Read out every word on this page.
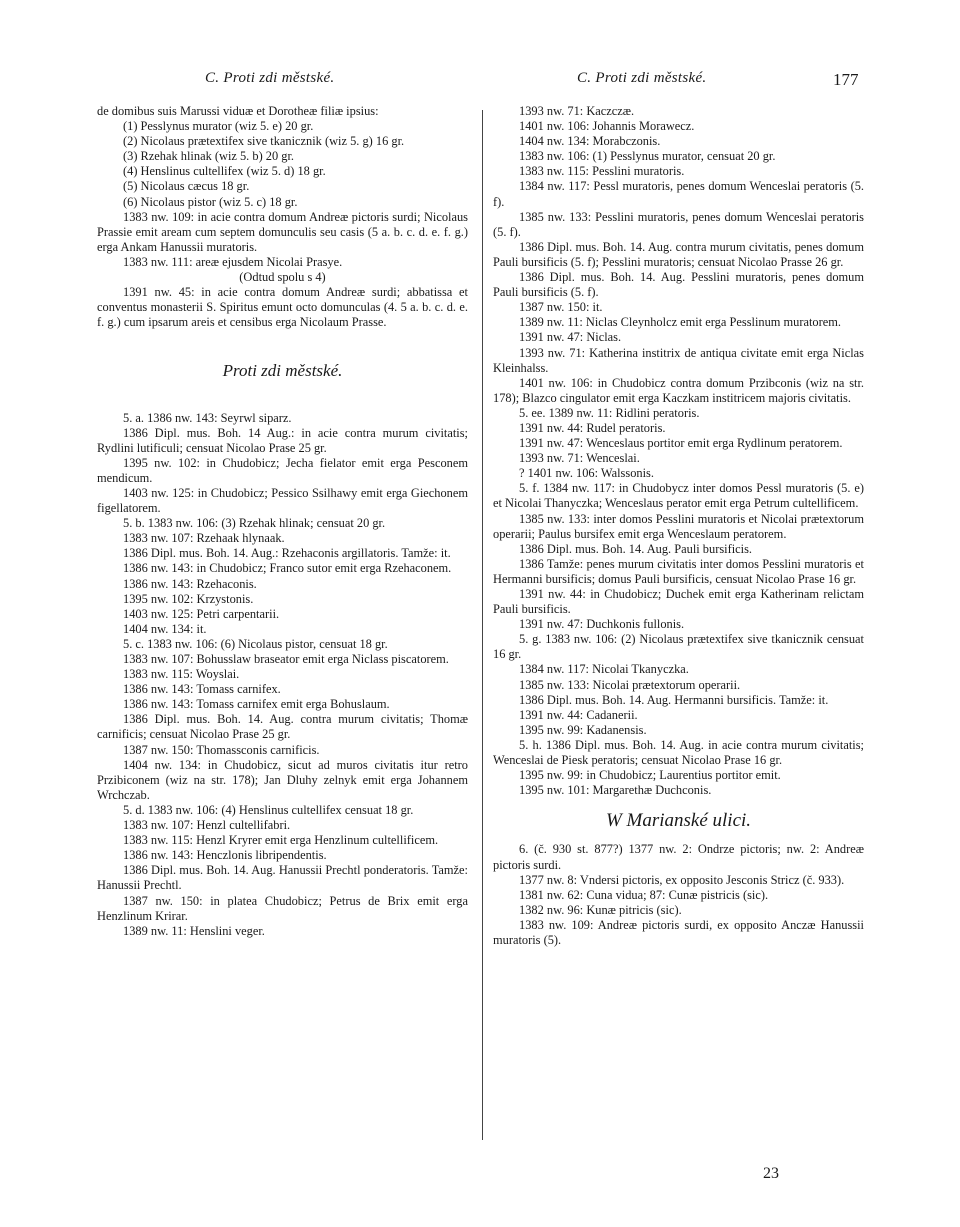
C. Proti zdi městské.	C. Proti zdi městské.	177

de domibus suis Marussi viduæ et Dorotheæ filiæ ipsius:

(1) Pesslynus murator (wiz 5. e) 20 gr.

(2) Nicolaus prætextifex sive tkanicznik (wiz 5. g) 16 gr.

(3) Rzehak hlinak (wiz 5. b) 20 gr.

(4) Henslinus cultellifex (wiz 5. d) 18 gr.

(5) Nicolaus cæcus 18 gr.

(6) Nicolaus pistor (wiz 5. c) 18 gr.

1383 nw. 109: in acie contra domum Andreæ pictoris surdi; Nicolaus Prassie emit aream cum septem domunculis seu casis (5 a. b. c. d. e. f. g.) erga Ankam Hanussii muratoris.

1383 nw. 111: areæ ejusdem Nicolai Prasye.

(Odtud spolu s 4)

1391 nw. 45: in acie contra domum Andreæ surdi; abbatissa et conventus monasterii S. Spiritus emunt octo domunculas (4. 5 a. b. c. d. e. f. g.) cum ipsarum areis et censibus erga Nicolaum Prasse.

Proti zdi městské.

5. a. 1386 nw. 143: Seyrwl siparz.

1386 Dipl. mus. Boh. 14 Aug.: in acie contra murum civitatis; Rydlini lutificuli; censuat Nicolao Prase 25 gr.

1395 nw. 102: in Chudobicz; Jecha fielator emit erga Pesconem mendicum.

1403 nw. 125: in Chudobicz; Pessico Ssilhawy emit erga Giechonem figellatorem.

5. b. 1383 nw. 106: (3) Rzehak hlinak; censuat 20 gr.

1383 nw. 107: Rzehaak hlynaak.

1386 Dipl. mus. Boh. 14. Aug.: Rzehaconis argillatoris. Tamže: it.

1386 nw. 143: in Chudobicz; Franco sutor emit erga Rzehaconem.

1386 nw. 143: Rzehaconis.

1395 nw. 102: Krzystonis.

1403 nw. 125: Petri carpentarii.

1404 nw. 134: it.

5. c. 1383 nw. 106: (6) Nicolaus pistor, censuat 18 gr.

1383 nw. 107: Bohusslaw braseator emit erga Niclass piscatorem.

1383 nw. 115: Woyslai.

1386 nw. 143: Tomass carnifex.

1386 nw. 143: Tomass carnifex emit erga Bohuslaum.

1386 Dipl. mus. Boh. 14. Aug. contra murum civitatis; Thomæ carnificis; censuat Nicolao Prase 25 gr.

1387 nw. 150: Thomassconis carnificis.

1404 nw. 134: in Chudobicz, sicut ad muros civitatis itur retro Przibiconem (wiz na str. 178); Jan Dluhy zelnyk emit erga Johannem Wrchczab.

5. d. 1383 nw. 106: (4) Henslinus cultellifex censuat 18 gr.

1383 nw. 107: Henzl cultellifabri.

1383 nw. 115: Henzl Kryrer emit erga Henzlinum cultellificem.

1386 nw. 143: Henczlonis libripendentis.

1386 Dipl. mus. Boh. 14. Aug. Hanussii Prechtl ponderatoris. Tamže: Hanussii Prechtl.

1387 nw. 150: in platea Chudobicz; Petrus de Brix emit erga Henzlinum Krirar.

1389 nw. 11: Henslini veger.

1393 nw. 71: Kaczczæ.

1401 nw. 106: Johannis Morawecz.

1404 nw. 134: Morabczonis.

1383 nw. 106: (1) Pesslynus murator, censuat 20 gr.

1383 nw. 115: Pesslini muratoris.

1384 nw. 117: Pessl muratoris, penes domum Wenceslai peratoris (5. f).

1385 nw. 133: Pesslini muratoris, penes domum Wenceslai peratoris (5. f).

1386 Dipl. mus. Boh. 14. Aug. contra murum civitatis, penes domum Pauli bursificis (5. f); Pesslini muratoris; censuat Nicolao Prasse 26 gr.

1386 Dipl. mus. Boh. 14. Aug. Pesslini muratoris, penes domum Pauli bursificis (5. f).

1387 nw. 150: it.

1389 nw. 11: Niclas Cleynholcz emit erga Pesslinum muratorem.

1391 nw. 47: Niclas.

1393 nw. 71: Katherina institrix de antiqua civitate emit erga Niclas Kleinhalss.

1401 nw. 106: in Chudobicz contra domum Przibconis (wiz na str. 178); Blazco cingulator emit erga Kaczkam institricem majoris civitatis.

5. ee. 1389 nw. 11: Ridlini peratoris.

1391 nw. 44: Rudel peratoris.

1391 nw. 47: Wenceslaus portitor emit erga Rydlinum peratorem.

1393 nw. 71: Wenceslai.

? 1401 nw. 106: Walssonis.

5. f. 1384 nw. 117: in Chudobycz inter domos Pessl muratoris (5. e) et Nicolai Thanyczka; Wenceslaus perator emit erga Petrum cultellificem.

1385 nw. 133: inter domos Pesslini muratoris et Nicolai prætextorum operarii; Paulus bursifex emit erga Wenceslaum peratorem.

1386 Dipl. mus. Boh. 14. Aug. Pauli bursificis.

1386 Tamže: penes murum civitatis inter domos Pesslini muratoris et Hermanni bursificis; domus Pauli bursificis, censuat Nicolao Prase 16 gr.

1391 nw. 44: in Chudobicz; Duchek emit erga Katherinam relictam Pauli bursificis.

1391 nw. 47: Duchkonis fullonis.

5. g. 1383 nw. 106: (2) Nicolaus prætextifex sive tkanicznik censuat 16 gr.

1384 nw. 117: Nicolai Tkanyczka.

1385 nw. 133: Nicolai prætextorum operarii.

1386 Dipl. mus. Boh. 14. Aug. Hermanni bursificis. Tamže: it.

1391 nw. 44: Cadanerii.

1395 nw. 99: Kadanensis.

5. h. 1386 Dipl. mus. Boh. 14. Aug. in acie contra murum civitatis; Wenceslai de Piesk peratoris; censuat Nicolao Prase 16 gr.

1395 nw. 99: in Chudobicz; Laurentius portitor emit.

1395 nw. 101: Margarethæ Duchconis.

W Marianské ulici.

6. (č. 930 st. 877?) 1377 nw. 2: Ondrze pictoris; nw. 2: Andreæ pictoris surdi.

1377 nw. 8: Vndersi pictoris, ex opposito Jesconis Stricz (č. 933).

1381 nw. 62: Cuna vidua; 87: Cunæ pistricis (sic).

1382 nw. 96: Kunæ pitricis (sic).

1383 nw. 109: Andreæ pictoris surdi, ex opposito Anczæ Hanussii muratoris (5).

23
